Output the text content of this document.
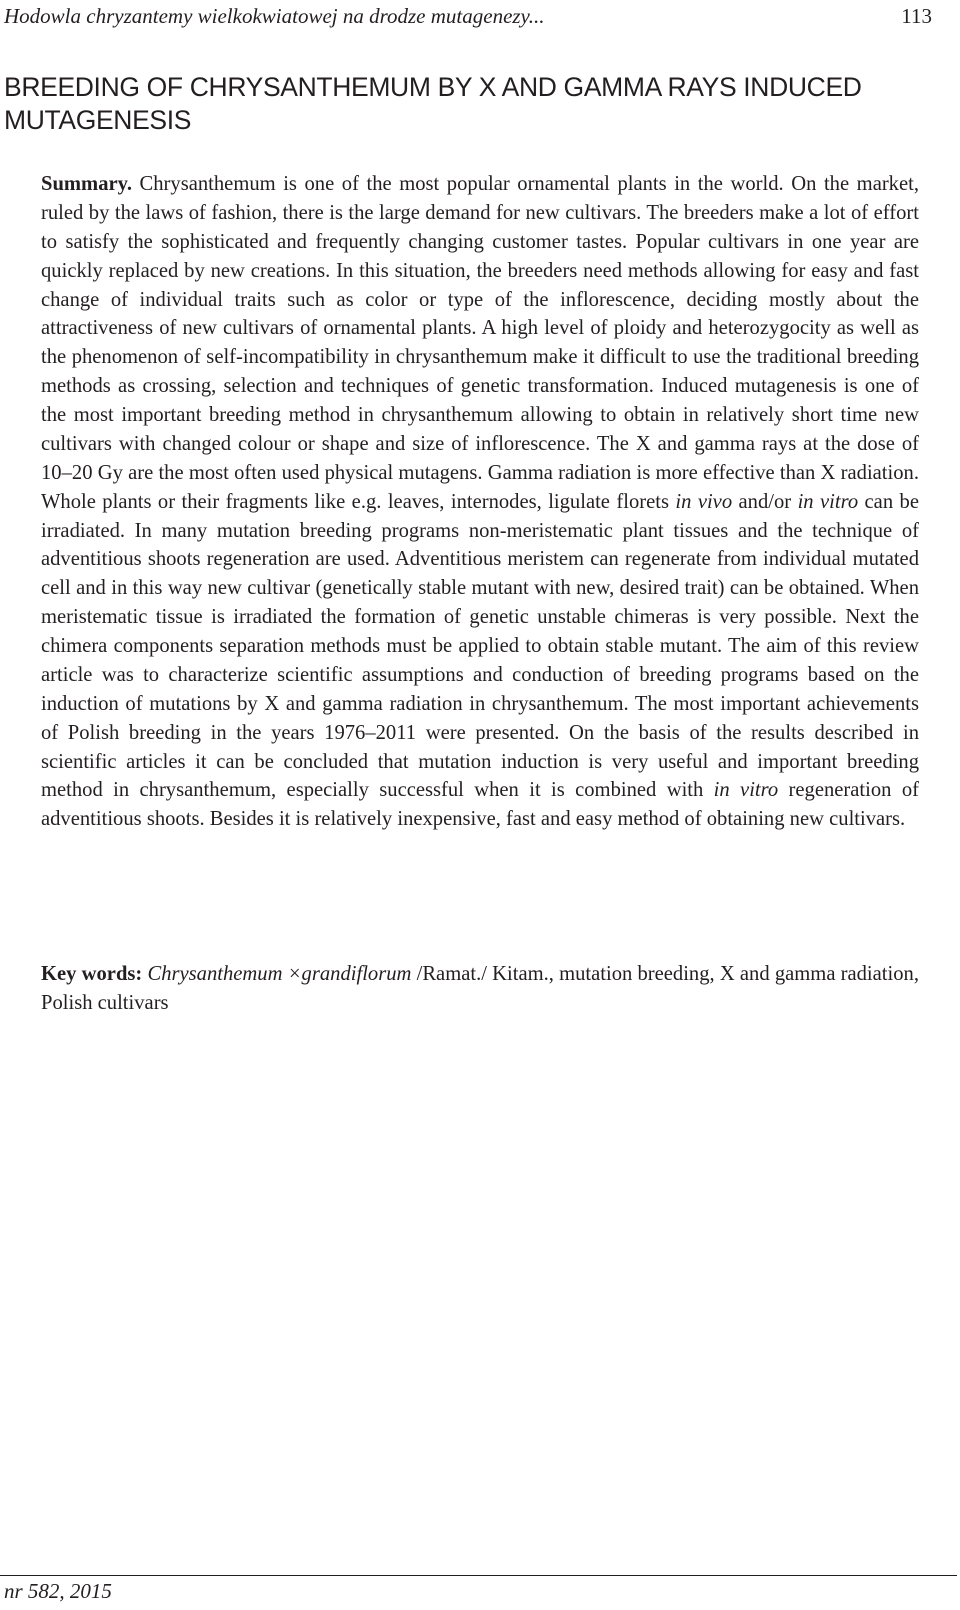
Hodowla chryzantemy wielkokwiatowej na drodze mutagenezy...	113
BREEDING OF CHRYSANTHEMUM BY X AND GAMMA RAYS INDUCED
MUTAGENESIS

Summary. Chrysanthemum is one of the most popular ornamental plants in the world. On the market, ruled by the laws of fashion, there is the large demand for new cultivars. The breeders make a lot of effort to satisfy the sophisticated and frequently changing customer tastes. Popular cultivars in one year are quickly replaced by new creations. In this situation, the breeders need methods allowing for easy and fast change of individual traits such as color or type of the inflorescence, deciding mostly about the attractiveness of new cultivars of ornamental plants. A high level of ploidy and heterozygocity as well as the phenomenon of self-incompatibility in chrysanthemum make it difficult to use the traditional breeding methods as crossing, selection and techniques of genetic transformation. Induced mutagenesis is one of the most important breeding method in chrysanthemum allowing to obtain in relatively short time new cultivars with changed colour or shape and size of inflorescence. The X and gamma rays at the dose of 10–20 Gy are the most often used physical mutagens. Gamma radiation is more effective than X radiation. Whole plants or their fragments like e.g. leaves, internodes, ligulate florets in vivo and/or in vitro can be irradiated. In many mutation breeding programs non-meristematic plant tissues and the technique of adventitious shoots regeneration are used. Adventitious meristem can regenerate from individual mutated cell and in this way new cultivar (genetically stable mutant with new, desired trait) can be obtained. When meristematic tissue is irradiated the formation of genetic unstable chimeras is very possible. Next the chimera components separation methods must be applied to obtain stable mutant. The aim of this review article was to characterize scientific assumptions and conduction of breeding programs based on the induction of mutations by X and gamma radiation in chrysanthemum. The most important achievements of Polish breeding in the years 1976–2011 were presented. On the basis of the results described in scientific articles it can be concluded that mutation induction is very useful and important breeding method in chrysanthemum, especially successful when it is combined with in vitro regeneration of adventitious shoots. Besides it is relatively inexpensive, fast and easy method of obtaining new cultivars.

Key words: Chrysanthemum ×grandiflorum /Ramat./ Kitam., mutation breeding, X and gamma radiation, Polish cultivars

nr 582, 2015
